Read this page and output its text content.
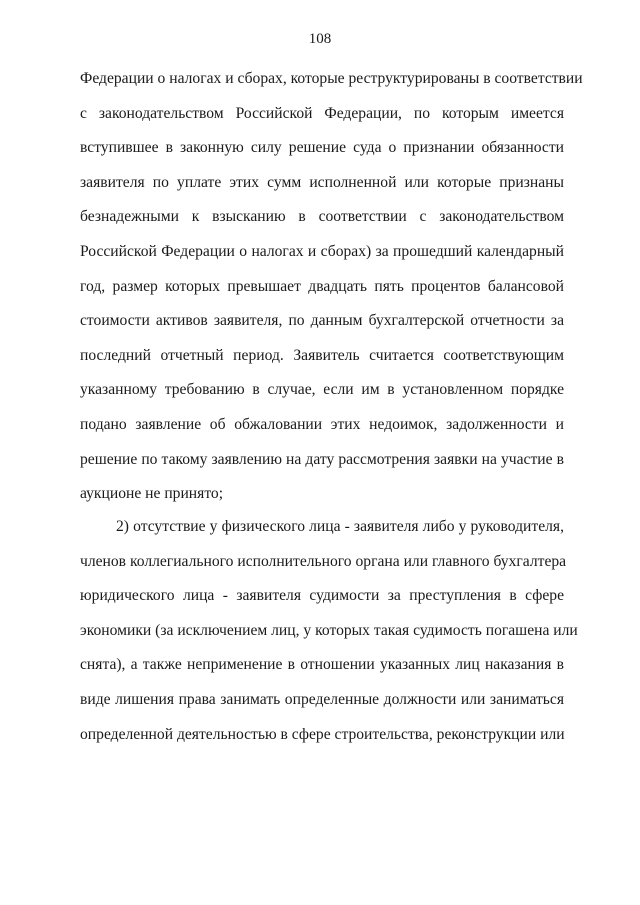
108
Федерации о налогах и сборах, которые реструктурированы в соответствии
с законодательством Российской Федерации, по которым имеется
вступившее в законную силу решение суда о признании обязанности
заявителя по уплате этих сумм исполненной или которые признаны
безнадежными к взысканию в соответствии с законодательством
Российской Федерации о налогах и сборах) за прошедший календарный
год, размер которых превышает двадцать пять процентов балансовой
стоимости активов заявителя, по данным бухгалтерской отчетности за
последний отчетный период. Заявитель считается соответствующим
указанному требованию в случае, если им в установленном порядке
подано заявление об обжаловании этих недоимок, задолженности и
решение по такому заявлению на дату рассмотрения заявки на участие в
аукционе не принято;
2) отсутствие у физического лица - заявителя либо у руководителя,
членов коллегиального исполнительного органа или главного бухгалтера
юридического лица - заявителя судимости за преступления в сфере
экономики (за исключением лиц, у которых такая судимость погашена или
снята), а также неприменение в отношении указанных лиц наказания в
виде лишения права занимать определенные должности или заниматься
определенной деятельностью в сфере строительства, реконструкции или
